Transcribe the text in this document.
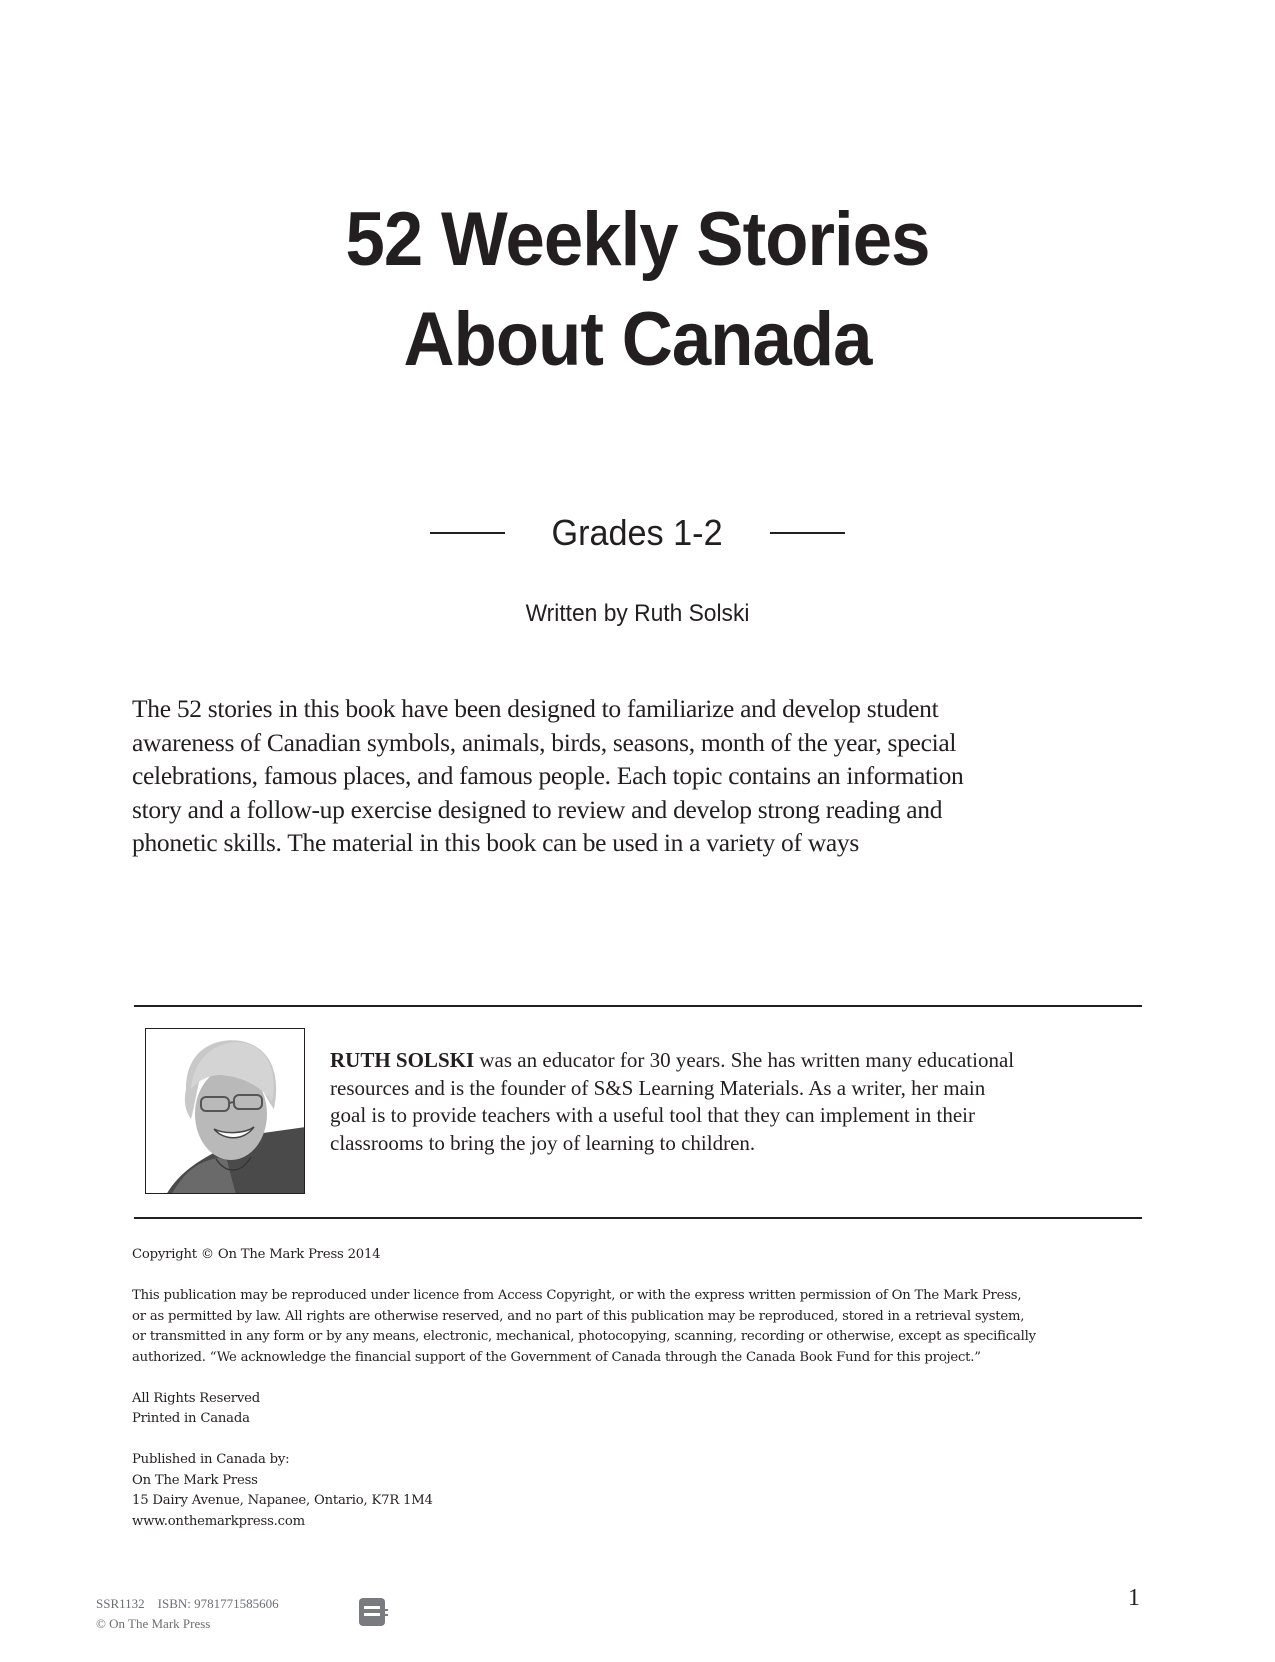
52 Weekly Stories
About Canada
Grades 1-2
Written by Ruth Solski
The 52 stories in this book have been designed to familiarize and develop student
awareness of Canadian symbols, animals, birds, seasons, month of the year, special
celebrations, famous places, and famous people. Each topic contains an information
story and a follow-up exercise designed to review and develop strong reading and
phonetic skills. The material in this book can be used in a variety of ways
RUTH SOLSKI was an educator for 30 years. She has written many educational
resources and is the founder of S&S Learning Materials. As a writer, her main
goal is to provide teachers with a useful tool that they can implement in their
classrooms to bring the joy of learning to children.
Copyright © On The Mark Press 2014
This publication may be reproduced under licence from Access Copyright, or with the express written permission of On The Mark Press,
or as permitted by law. All rights are otherwise reserved, and no part of this publication may be reproduced, stored in a retrieval system,
or transmitted in any form or by any means, electronic, mechanical, photocopying, scanning, recording or otherwise, except as specifically
authorized. “We acknowledge the financial support of the Government of Canada through the Canada Book Fund for this project.”
All Rights Reserved
Printed in Canada
Published in Canada by:
On The Mark Press
15 Dairy Avenue, Napanee, Ontario, K7R 1M4
www.onthemarkpress.com
SSR1132    ISBN: 9781771585606
© On The Mark Press
1
